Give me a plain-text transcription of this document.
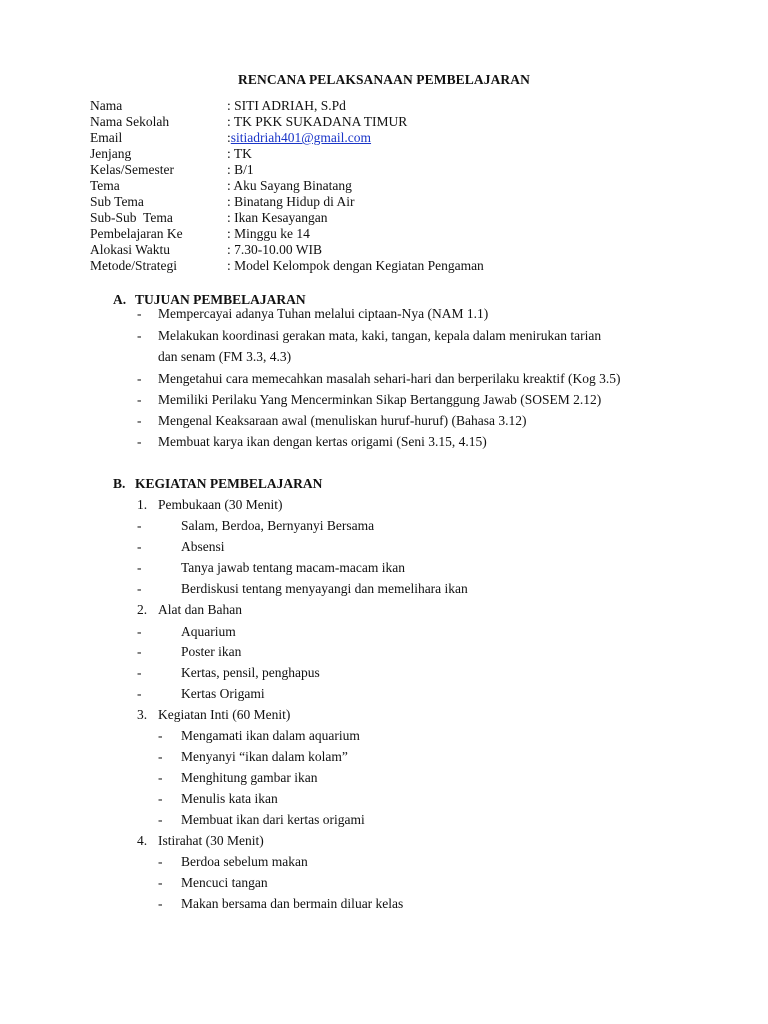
RENCANA PELAKSANAAN PEMBELAJARAN
Nama	: SITI ADRIAH, S.Pd
Nama Sekolah	: TK PKK SUKADANA TIMUR
Email	:sitiadriah401@gmail.com
Jenjang	: TK
Kelas/Semester	: B/1
Tema	: Aku Sayang Binatang
Sub Tema	: Binatang Hidup di Air
Sub-Sub  Tema	: Ikan Kesayangan
Pembelajaran Ke	: Minggu ke 14
Alokasi Waktu	: 7.30-10.00 WIB
Metode/Strategi	: Model Kelompok dengan Kegiatan Pengaman
A. TUJUAN PEMBELAJARAN
- Mempercayai adanya Tuhan melalui ciptaan-Nya (NAM 1.1)
- Melakukan koordinasi gerakan mata, kaki, tangan, kepala dalam menirukan tarian
dan senam (FM 3.3, 4.3)
- Mengetahui cara memecahkan masalah sehari-hari dan berperilaku kreaktif (Kog 3.5)
- Memiliki Perilaku Yang Mencerminkan Sikap Bertanggung Jawab (SOSEM 2.12)
- Mengenal Keaksaraan awal (menuliskan huruf-huruf) (Bahasa 3.12)
- Membuat karya ikan dengan kertas origami (Seni 3.15, 4.15)
B. KEGIATAN PEMBELAJARAN
1. Pembukaan (30 Menit)
-	Salam, Berdoa, Bernyanyi Bersama
-	Absensi
-	Tanya jawab tentang macam-macam ikan
-	Berdiskusi tentang menyayangi dan memelihara ikan
2. Alat dan Bahan
-	Aquarium
-	Poster ikan
-	Kertas, pensil, penghapus
-	Kertas Origami
3. Kegiatan Inti (60 Menit)
- Mengamati ikan dalam aquarium
- Menyanyi “ikan dalam kolam”
- Menghitung gambar ikan
- Menulis kata ikan
- Membuat ikan dari kertas origami
4. Istirahat (30 Menit)
- Berdoa sebelum makan
- Mencuci tangan
- Makan bersama dan bermain diluar kelas
